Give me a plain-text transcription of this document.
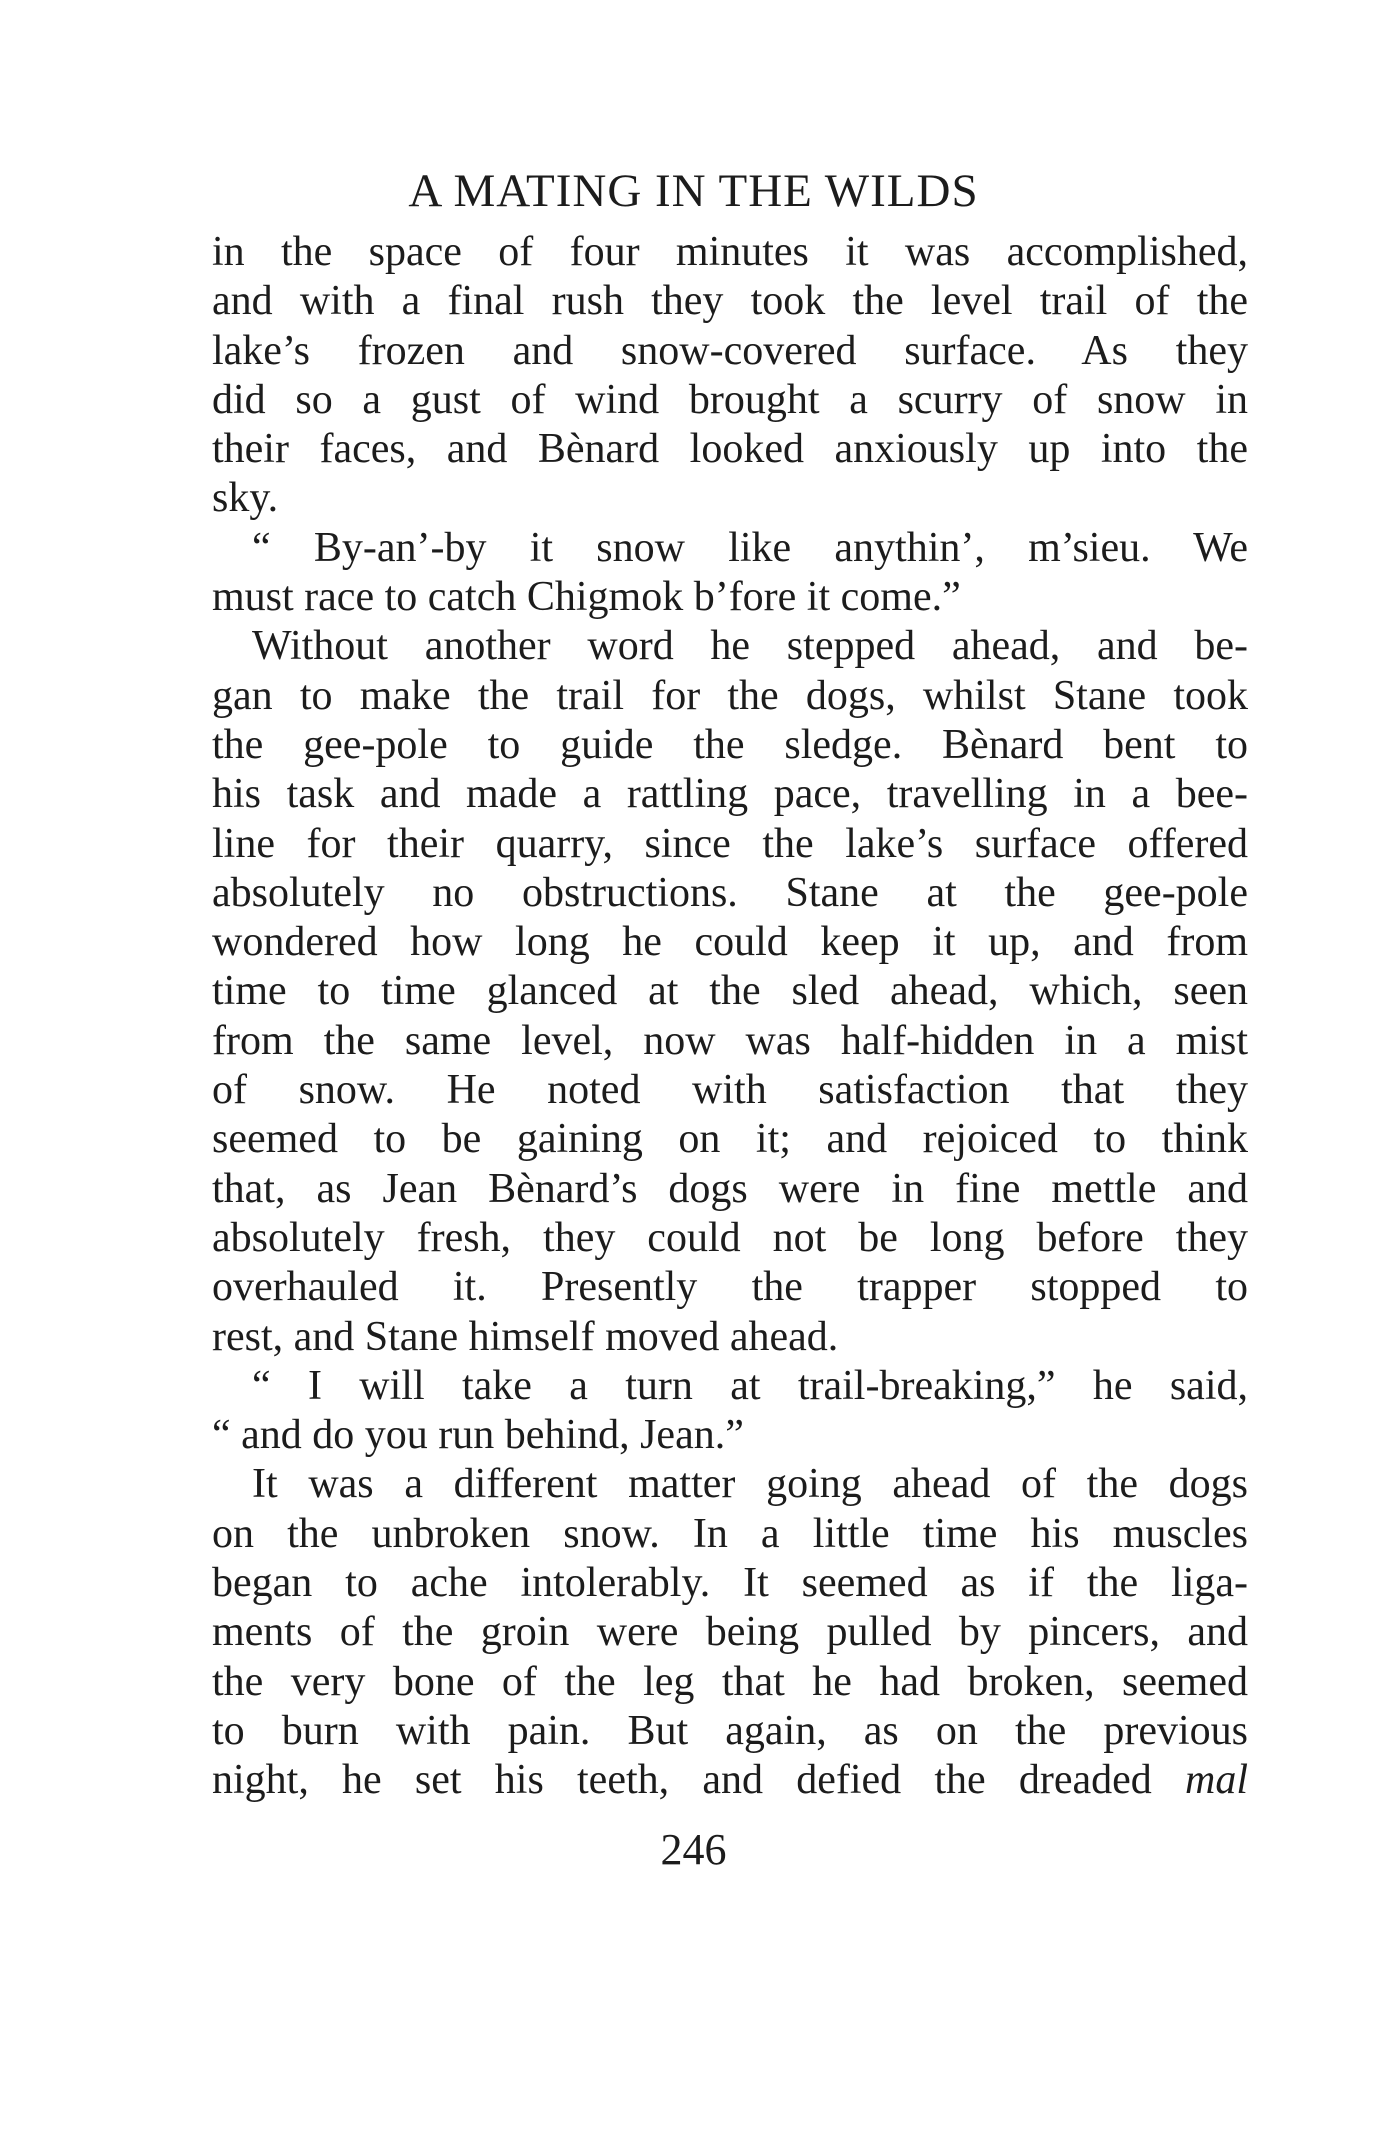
A MATING IN THE WILDS
in the space of four minutes it was accomplished,
and with a final rush they took the level trail of the
lake’s frozen and snow-covered surface. As they
did so a gust of wind brought a scurry of snow in
their faces, and Bènard looked anxiously up into the
sky.
“ By-an’-by it snow like anythin’, m’sieu. We
must race to catch Chigmok b’fore it come.”
Without another word he stepped ahead, and be-
gan to make the trail for the dogs, whilst Stane took
the gee-pole to guide the sledge. Bènard bent to
his task and made a rattling pace, travelling in a bee-
line for their quarry, since the lake’s surface offered
absolutely no obstructions. Stane at the gee-pole
wondered how long he could keep it up, and from
time to time glanced at the sled ahead, which, seen
from the same level, now was half-hidden in a mist
of snow. He noted with satisfaction that they
seemed to be gaining on it; and rejoiced to think
that, as Jean Bènard’s dogs were in fine mettle and
absolutely fresh, they could not be long before they
overhauled it. Presently the trapper stopped to
rest, and Stane himself moved ahead.
“ I will take a turn at trail-breaking,” he said,
“ and do you run behind, Jean.”
It was a different matter going ahead of the dogs
on the unbroken snow. In a little time his muscles
began to ache intolerably. It seemed as if the liga-
ments of the groin were being pulled by pincers, and
the very bone of the leg that he had broken, seemed
to burn with pain. But again, as on the previous
night, he set his teeth, and defied the dreaded mal
246
